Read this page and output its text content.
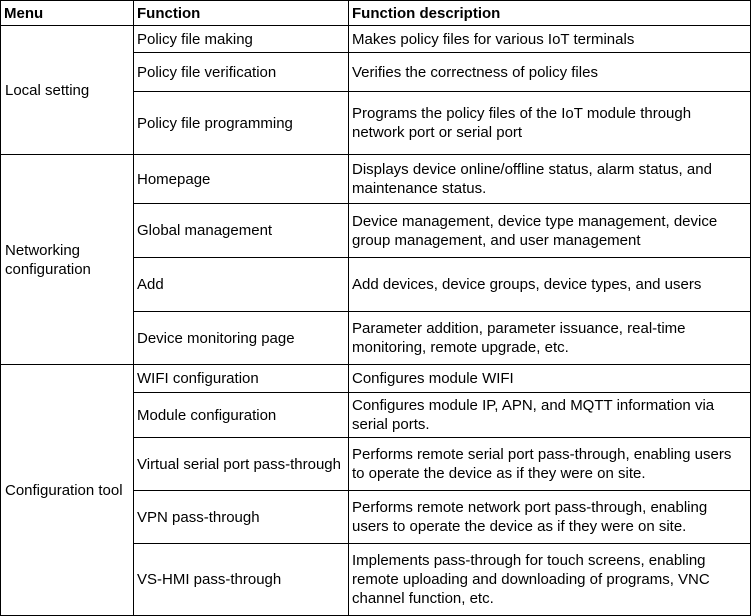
Menu	Function	Function description
Local setting	Policy file making	Makes policy files for various IoT terminals
	Policy file verification	Verifies the correctness of policy files
	Policy file programming	Programs the policy files of the IoT module through network port or serial port
Networking configuration	Homepage	Displays device online/offline status, alarm status, and maintenance status.
	Global management	Device management, device type management, device group management, and user management
	Add	Add devices, device groups, device types, and users
	Device monitoring page	Parameter addition, parameter issuance, real-time monitoring, remote upgrade, etc.
Configuration tool	WIFI configuration	Configures module WIFI
	Module configuration	Configures module IP, APN, and MQTT information via serial ports.
	Virtual serial port pass-through	Performs remote serial port pass-through, enabling users to operate the device as if they were on site.
	VPN pass-through	Performs remote network port pass-through, enabling users to operate the device as if they were on site.
	VS-HMI pass-through	Implements pass-through for touch screens, enabling remote uploading and downloading of programs, VNC channel function, etc.
